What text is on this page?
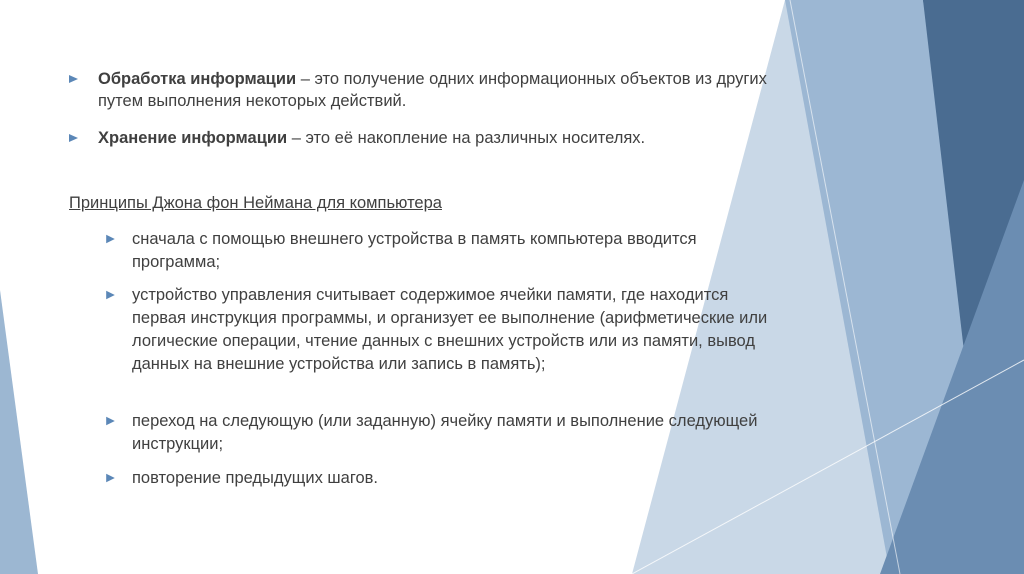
Обработка информации – это получение одних информационных объектов из других путем выполнения некоторых действий.
Хранение информации – это её накопление на различных носителях.
Принципы Джона фон Неймана для компьютера
сначала с помощью внешнего устройства в память компьютера вводится программа;
устройство управления считывает содержимое ячейки памяти, где находится первая инструкция программы, и организует ее выполнение (арифметические или логические операции, чтение данных с внешних устройств или из памяти, вывод данных на внешние устройства или запись в память);
переход на следующую (или заданную) ячейку памяти и выполнение следующей инструкции;
повторение предыдущих шагов.
